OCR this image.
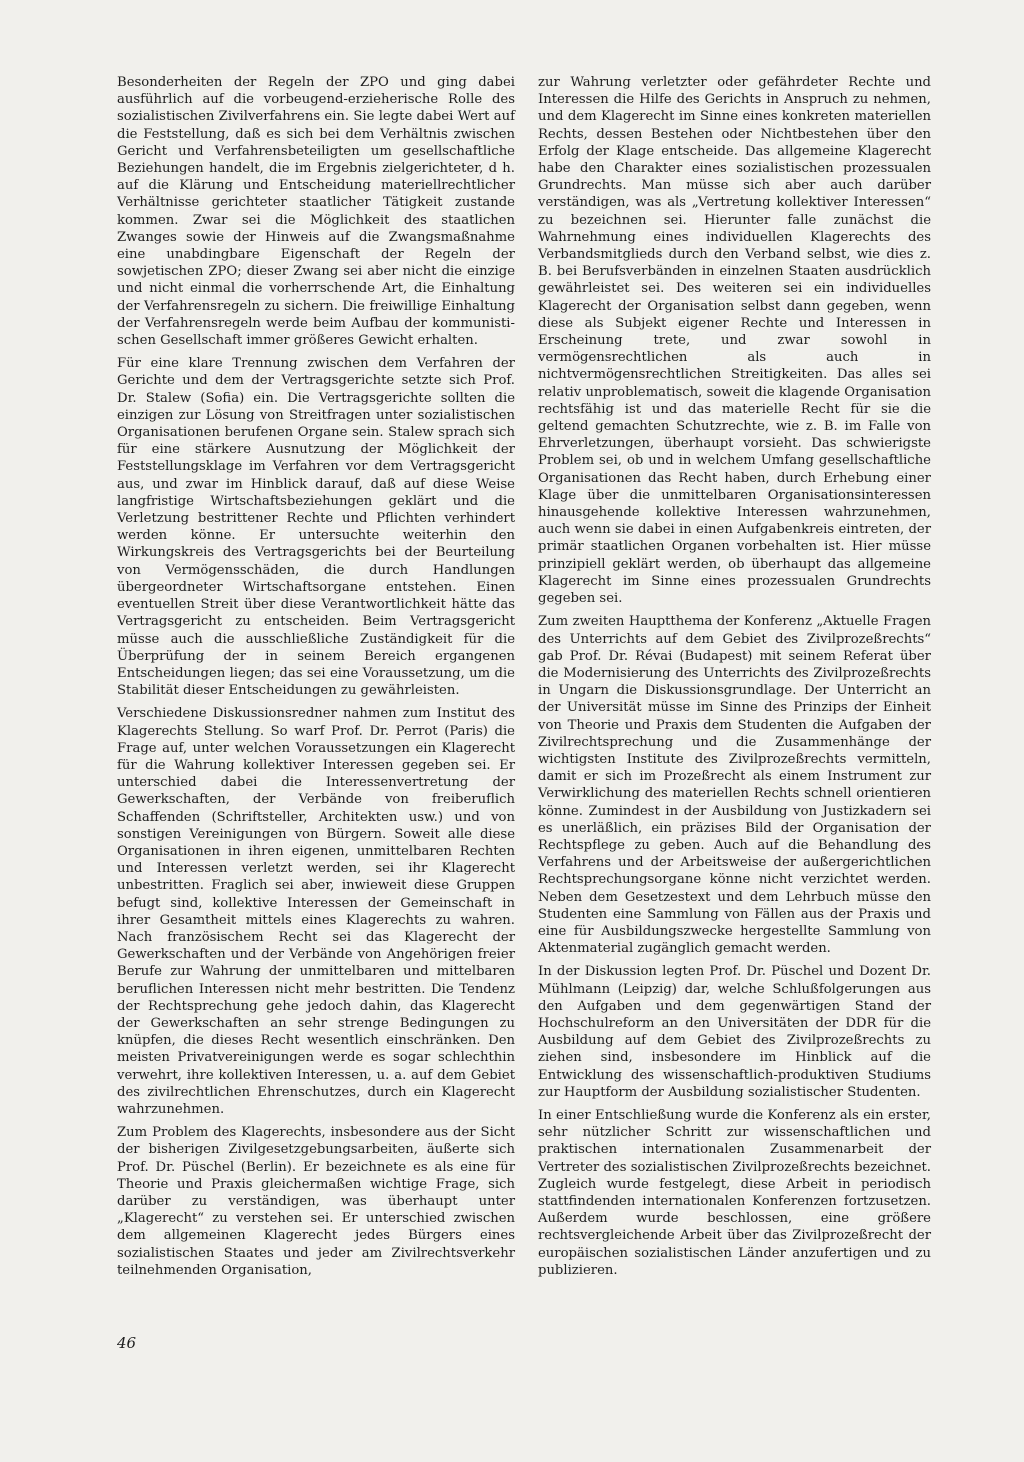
Besonderheiten der Regeln der ZPO und ging dabei ausführlich auf die vorbeugend-erzieherische Rolle des sozialistischen Zivilverfahrens ein. Sie legte dabei Wert auf die Feststellung, daß es sich bei dem Verhältnis zwischen Gericht und Verfahrensbeteiligten um gesellschaftliche Beziehungen handelt, die im Ergebnis zielgerichteter, d h. auf die Klärung und Entscheidung materiellrechtlicher Verhältnisse gerichteter staatlicher Tätigkeit zustande kommen. Zwar sei die Möglichkeit des staatlichen Zwanges sowie der Hinweis auf die Zwangsmaßnahme eine unabdingbare Eigenschaft der Regeln der sowjetischen ZPO; dieser Zwang sei aber nicht die einzige und nicht einmal die vorherrschende Art, die Einhaltung der Verfahrensregeln zu sichern. Die freiwillige Einhaltung der Verfahrensregeln werde beim Aufbau der kommunistischen Gesellschaft immer größeres Gewicht erhalten.

Für eine klare Trennung zwischen dem Verfahren der Gerichte und dem der Vertragsgerichte setzte sich Prof. Dr. Stalew (Sofia) ein. Die Vertragsgerichte sollten die einzigen zur Lösung von Streitfragen unter sozialistischen Organisationen berufenen Organe sein. Stalew sprach sich für eine stärkere Ausnutzung der Möglichkeit der Feststellungsklage im Verfahren vor dem Vertragsgericht aus, und zwar im Hinblick darauf, daß auf diese Weise langfristige Wirtschaftsbeziehungen geklärt und die Verletzung bestrittener Rechte und Pflichten verhindert werden könne. Er untersuchte weiterhin den Wirkungskreis des Vertragsgerichts bei der Beurteilung von Vermögensschäden, die durch Handlungen übergeordneter Wirtschaftsorgane entstehen. Einen eventuellen Streit über diese Verantwortlichkeit hätte das Vertragsgericht zu entscheiden. Beim Vertragsgericht müsse auch die ausschließliche Zuständigkeit für die Überprüfung der in seinem Bereich ergangenen Entscheidungen liegen; das sei eine Voraussetzung, um die Stabilität dieser Entscheidungen zu gewährleisten.

Verschiedene Diskussionsredner nahmen zum Institut des Klagerechts Stellung. So warf Prof. Dr. Perrot (Paris) die Frage auf, unter welchen Voraussetzungen ein Klagerecht für die Wahrung kollektiver Interessen gegeben sei. Er unterschied dabei die Interessenvertretung der Gewerkschaften, der Verbände von freiberuflich Schaffenden (Schriftsteller, Architekten usw.) und von sonstigen Vereinigungen von Bürgern. Soweit alle diese Organisationen in ihren eigenen, unmittelbaren Rechten und Interessen verletzt werden, sei ihr Klagerecht unbestritten. Fraglich sei aber, inwieweit diese Gruppen befugt sind, kollektive Interessen der Gemeinschaft in ihrer Gesamtheit mittels eines Klagerechts zu wahren. Nach französischem Recht sei das Klagerecht der Gewerkschaften und der Verbände von Angehörigen freier Berufe zur Wahrung der unmittelbaren und mittelbaren beruflichen Interessen nicht mehr bestritten. Die Tendenz der Rechtsprechung gehe jedoch dahin, das Klagerecht der Gewerkschaften an sehr strenge Bedingungen zu knüpfen, die dieses Recht wesentlich einschränken. Den meisten Privatvereinigungen werde es sogar schlechthin verwehrt, ihre kollektiven Interessen, u. a. auf dem Gebiet des zivilrechtlichen Ehrenschutzes, durch ein Klagerecht wahrzunehmen.

Zum Problem des Klagerechts, insbesondere aus der Sicht der bisherigen Zivilgesetzgebungsarbeiten, äußerte sich Prof. Dr. Püschel (Berlin). Er bezeichnete es als eine für Theorie und Praxis gleichermaßen wichtige Frage, sich darüber zu verständigen, was überhaupt unter „Klagerecht“ zu verstehen sei. Er unterschied zwischen dem allgemeinen Klagerecht jedes Bürgers eines sozialistischen Staates und jeder am Zivilrechtsverkehr teilnehmenden Organisation,

zur Wahrung verletzter oder gefährdeter Rechte und Interessen die Hilfe des Gerichts in Anspruch zu nehmen, und dem Klagerecht im Sinne eines konkreten materiellen Rechts, dessen Bestehen oder Nichtbestehen über den Erfolg der Klage entscheide. Das allgemeine Klagerecht habe den Charakter eines sozialistischen prozessualen Grundrechts. Man müsse sich aber auch darüber verständigen, was als „Vertretung kollektiver Interessen“ zu bezeichnen sei. Hierunter falle zunächst die Wahrnehmung eines individuellen Klagerechts des Verbandsmitglieds durch den Verband selbst, wie dies z. B. bei Berufsverbänden in einzelnen Staaten ausdrücklich gewährleistet sei. Des weiteren sei ein individuelles Klagerecht der Organisation selbst dann gegeben, wenn diese als Subjekt eigener Rechte und Interessen in Erscheinung trete, und zwar sowohl in vermögensrechtlichen als auch in nichtvermögensrechtlichen Streitigkeiten. Das alles sei relativ unproblematisch, soweit die klagende Organisation rechtsfähig ist und das materielle Recht für sie die geltend gemachten Schutzrechte, wie z. B. im Falle von Ehrverletzungen, überhaupt vorsieht. Das schwierigste Problem sei, ob und in welchem Umfang gesellschaftliche Organisationen das Recht haben, durch Erhebung einer Klage über die unmittelbaren Organisationsinteressen hinausgehende kollektive Interessen wahrzunehmen, auch wenn sie dabei in einen Aufgabenkreis eintreten, der primär staatlichen Organen vorbehalten ist. Hier müsse prinzipiell geklärt werden, ob überhaupt das allgemeine Klagerecht im Sinne eines prozessualen Grundrechts gegeben sei.

Zum zweiten Hauptthema der Konferenz „Aktuelle Fragen des Unterrichts auf dem Gebiet des Zivilprozeßrechts“ gab Prof. Dr. Révai (Budapest) mit seinem Referat über die Modernisierung des Unterrichts des Zivilprozeßrechts in Ungarn die Diskussionsgrundlage. Der Unterricht an der Universität müsse im Sinne des Prinzips der Einheit von Theorie und Praxis dem Studenten die Aufgaben der Zivilrechtsprechung und die Zusammenhänge der wichtigsten Institute des Zivilprozeßrechts vermitteln, damit er sich im Prozeßrecht als einem Instrument zur Verwirklichung des materiellen Rechts schnell orientieren könne. Zumindest in der Ausbildung von Justizkadern sei es unerläßlich, ein präzises Bild der Organisation der Rechtspflege zu geben. Auch auf die Behandlung des Verfahrens und der Arbeitsweise der außergerichtlichen Rechtsprechungsorgane könne nicht verzichtet werden. Neben dem Gesetzestext und dem Lehrbuch müsse den Studenten eine Sammlung von Fällen aus der Praxis und eine für Ausbildungszwecke hergestellte Sammlung von Aktenmaterial zugänglich gemacht werden.

In der Diskussion legten Prof. Dr. Püschel und Dozent Dr. Mühlmann (Leipzig) dar, welche Schlußfolgerungen aus den Aufgaben und dem gegenwärtigen Stand der Hochschulreform an den Universitäten der DDR für die Ausbildung auf dem Gebiet des Zivilprozeßrechts zu ziehen sind, insbesondere im Hinblick auf die Entwicklung des wissenschaftlich-produktiven Studiums zur Hauptform der Ausbildung sozialistischer Studenten.

In einer Entschließung wurde die Konferenz als ein erster, sehr nützlicher Schritt zur wissenschaftlichen und praktischen internationalen Zusammenarbeit der Vertreter des sozialistischen Zivilprozeßrechts bezeichnet. Zugleich wurde festgelegt, diese Arbeit in periodisch stattfindenden internationalen Konferenzen fortzusetzen. Außerdem wurde beschlossen, eine größere rechtsvergleichende Arbeit über das Zivilprozeßrecht der europäischen sozialistischen Länder anzufertigen und zu publizieren.

46
